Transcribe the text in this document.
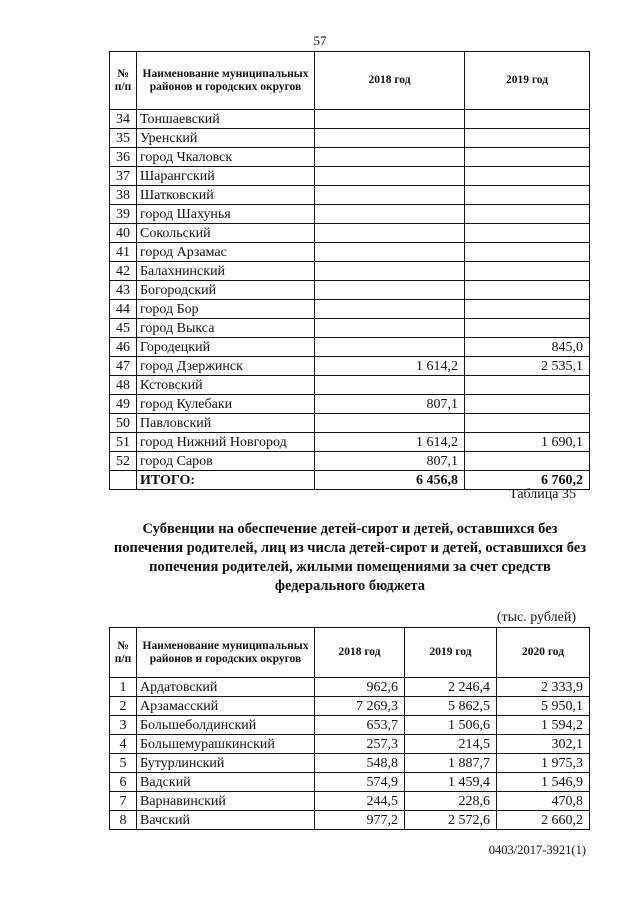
57
№ п/п	Наименование муниципальных районов и городских округов	2018 год	2019 год
34	Тоншаевский		
35	Уренский		
36	город Чкаловск		
37	Шарангский		
38	Шатковский		
39	город Шахунья		
40	Сокольский		
41	город Арзамас		
42	Балахнинский		
43	Богородский		
44	город Бор		
45	город Выкса		
46	Городецкий		845,0
47	город Дзержинск	1 614,2	2 535,1
48	Кстовский		
49	город Кулебаки	807,1	
50	Павловский		
51	город Нижний Новгород	1 614,2	1 690,1
52	город Саров	807,1	
	ИТОГО:	6 456,8	6 760,2
Таблица 35
Субвенции на обеспечение детей-сирот и детей, оставшихся без попечения родителей, лиц из числа детей-сирот и детей, оставшихся без попечения родителей, жилыми помещениями за счет средств федерального бюджета
(тыс. рублей)
№ п/п	Наименование муниципальных районов и городских округов	2018 год	2019 год	2020 год
1	Ардатовский	962,6	2 246,4	2 333,9
2	Арзамасский	7 269,3	5 862,5	5 950,1
3	Большеболдинский	653,7	1 506,6	1 594,2
4	Большемурашкинский	257,3	214,5	302,1
5	Бутурлинский	548,8	1 887,7	1 975,3
6	Вадский	574,9	1 459,4	1 546,9
7	Варнавинский	244,5	228,6	470,8
8	Вачский	977,2	2 572,6	2 660,2
0403/2017-3921(1)
